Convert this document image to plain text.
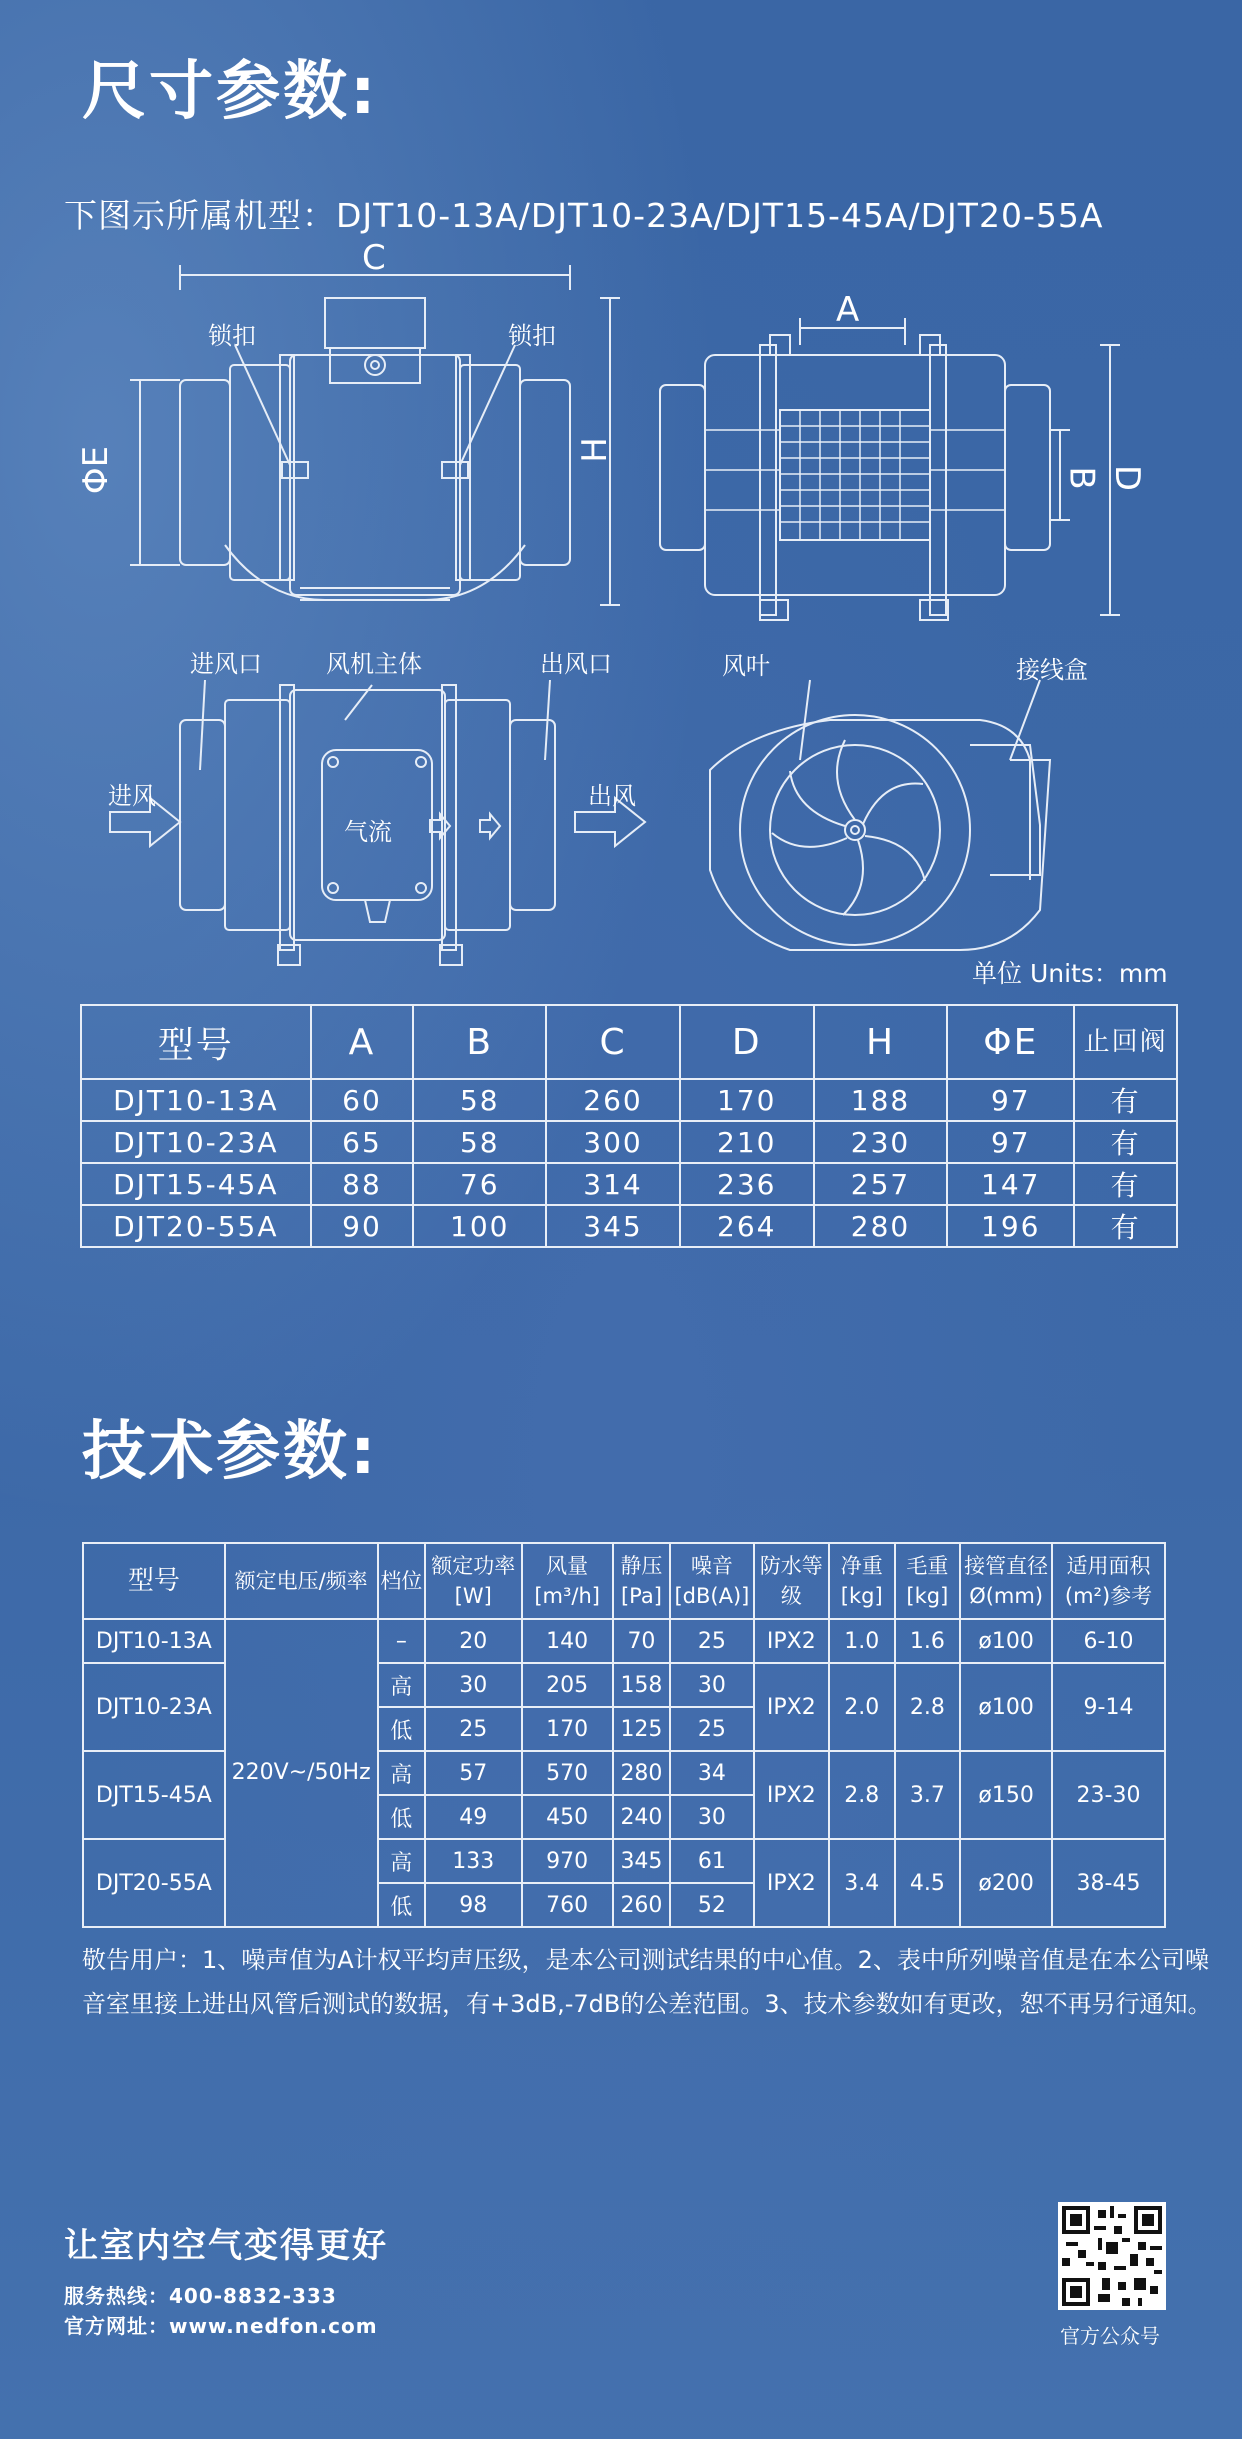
尺寸参数:
下图示所属机型：DJT10-13A/DJT10-23A/DJT15-45A/DJT20-55A
C
H
ΦE
锁扣	锁扣
A
B D
进风口	风机主体	出风口
进风	出风
气流
风叶	接线盒
单位 Units：mm
型号	A	B	C	D	H	ΦE	止回阀
DJT10-13A	60	58	260	170	188	97	有
DJT10-23A	65	58	300	210	230	97	有
DJT15-45A	88	76	314	236	257	147	有
DJT20-55A	90	100	345	264	280	196	有
技术参数:
型号	额定电压/频率	档位	额定功率[W]	风量[m³/h]	静压[Pa]	噪音[dB(A)]	防水等级	净重[kg]	毛重[kg]	接管直径Ø(mm)	适用面积(m²)参考
DJT10-13A	220V~/50Hz	–	20	140	70	25	IPX2	1.0	1.6	ø100	6-10
DJT10-23A		高	30	205	158	30	IPX2	2.0	2.8	ø100	9-14
		低	25	170	125	25					
DJT15-45A		高	57	570	280	34	IPX2	2.8	3.7	ø150	23-30
		低	49	450	240	30					
DJT20-55A		高	133	970	345	61	IPX2	3.4	4.5	ø200	38-45
		低	98	760	260	52					
敬告用户：1、噪声值为A计权平均声压级，是本公司测试结果的中心值。2、表中所列噪音值是在本公司噪音室里接上进出风管后测试的数据，有+3dB,-7dB的公差范围。3、技术参数如有更改，恕不再另行通知。
让室内空气变得更好
服务热线：400-8832-333
官方网址：www.nedfon.com	官方公众号
